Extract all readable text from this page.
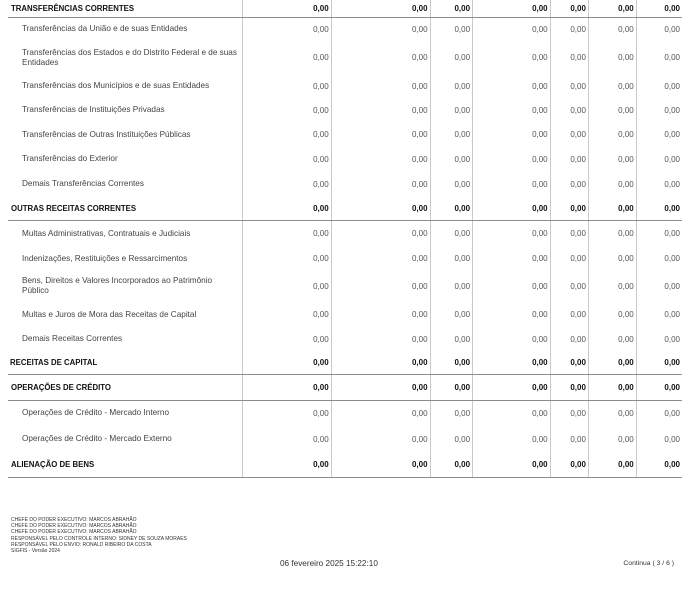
TRANSFERÊNCIAS CORRENTES	0,00	0,00	0,00	0,00	0,00	0,00	0,00
Transferências da União e de suas Entidades	0,00	0,00	0,00	0,00	0,00	0,00	0,00
Transferências dos Estados e do Distrito Federal e de suas Entidades	0,00	0,00	0,00	0,00	0,00	0,00	0,00
Transferências dos Municípios e de suas Entidades	0,00	0,00	0,00	0,00	0,00	0,00	0,00
Transferências de Instituições Privadas	0,00	0,00	0,00	0,00	0,00	0,00	0,00
Transferências de Outras Instituições Públicas	0,00	0,00	0,00	0,00	0,00	0,00	0,00
Transferências do Exterior	0,00	0,00	0,00	0,00	0,00	0,00	0,00
Demais Transferências Correntes	0,00	0,00	0,00	0,00	0,00	0,00	0,00
OUTRAS RECEITAS CORRENTES	0,00	0,00	0,00	0,00	0,00	0,00	0,00
Multas Administrativas, Contratuais e Judiciais	0,00	0,00	0,00	0,00	0,00	0,00	0,00
Indenizações, Restituições e Ressarcimentos	0,00	0,00	0,00	0,00	0,00	0,00	0,00
Bens, Direitos e Valores Incorporados ao Patrimônio Público	0,00	0,00	0,00	0,00	0,00	0,00	0,00
Multas e Juros de Mora das Receitas de Capital	0,00	0,00	0,00	0,00	0,00	0,00	0,00
Demais Receitas Correntes	0,00	0,00	0,00	0,00	0,00	0,00	0,00
RECEITAS DE CAPITAL	0,00	0,00	0,00	0,00	0,00	0,00	0,00
OPERAÇÕES DE CRÉDITO	0,00	0,00	0,00	0,00	0,00	0,00	0,00
Operações de Crédito - Mercado Interno	0,00	0,00	0,00	0,00	0,00	0,00	0,00
Operações de Crédito - Mercado Externo	0,00	0,00	0,00	0,00	0,00	0,00	0,00
ALIENAÇÃO DE BENS	0,00	0,00	0,00	0,00	0,00	0,00	0,00
CHEFE DO PODER EXECUTIVO: MARCOS ABRAHÃO
CHEFE DO PODER EXECUTIVO: MARCOS ABRAHÃO
CHEFE DO PODER EXECUTIVO: MARCOS ABRAHÃO
RESPONSÁVEL PELO CONTROLE INTERNO: SIDNEY DE SOUZA MORAES
RESPONSÁVEL PELO ENVIO: RONALD RIBEIRO DA COSTA
SIGFIS - Versão 2024
06 fevereiro 2025 15:22:10	Continua ( 3 / 6 )
